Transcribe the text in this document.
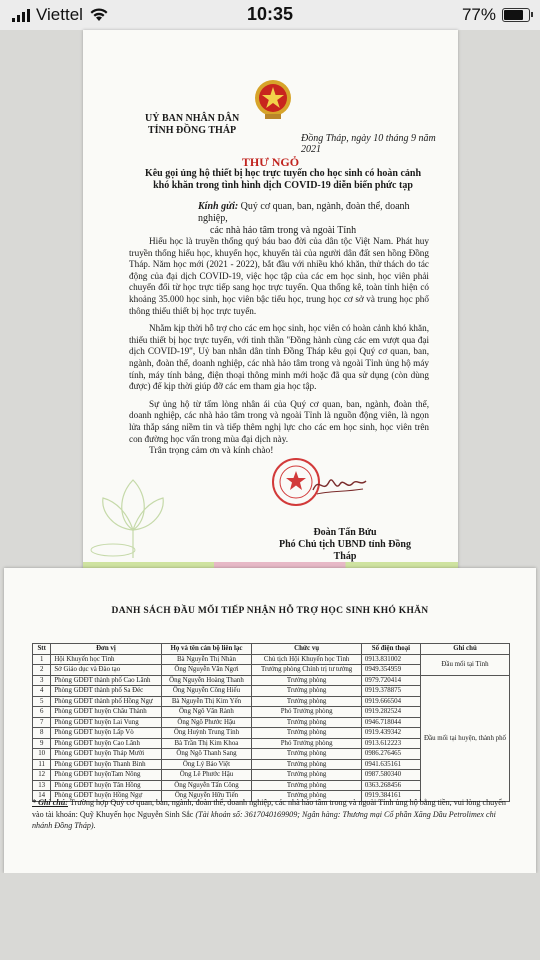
Viettel	10:35	77%
UỶ BAN NHÂN DÂN
TỈNH ĐỒNG THÁP
Đồng Tháp, ngày 10 tháng 9 năm 2021
THƯ NGỎ
Kêu gọi ủng hộ thiết bị học trực tuyến cho học sinh có hoàn cảnh
khó khăn trong tình hình dịch COVID-19 diễn biến phức tạp
Kính gửi: Quý cơ quan, ban, ngành, đoàn thể, doanh nghiệp,
các nhà hảo tâm trong và ngoài Tỉnh

Hiếu học là truyền thống quý báu bao đời của dân tộc Việt Nam. Phát huy truyền thống hiếu học, khuyến học, khuyến tài của người dân đất sen hồng Đồng Tháp. Năm học mới (2021 - 2022), bắt đầu với nhiều khó khăn, thử thách do tác động của đại dịch COVID-19, việc học tập của các em học sinh, học viên phải chuyển đổi từ học trực tiếp sang học trực tuyến. Qua thống kê, toàn tỉnh hiện có khoảng 35.000 học sinh, học viên bậc tiểu học, trung học cơ sở và trung học phổ thông thiếu thiết bị học trực tuyến.

Nhằm kịp thời hỗ trợ cho các em học sinh, học viên có hoàn cảnh khó khăn, thiếu thiết bị học trực tuyến, với tinh thần "Đồng hành cùng các em vượt qua đại dịch COVID-19", Uỷ ban nhân dân tỉnh Đồng Tháp kêu gọi Quý cơ quan, ban, ngành, đoàn thể, doanh nghiệp, các nhà hảo tâm trong và ngoài Tỉnh ủng hộ máy tính, máy tính bảng, điện thoại thông minh mới hoặc đã qua sử dụng (còn dùng được) để kịp thời giúp đỡ các em tham gia học tập.

Sự ủng hộ từ tấm lòng nhân ái của Quý cơ quan, ban, ngành, đoàn thể, doanh nghiệp, các nhà hảo tâm trong và ngoài Tỉnh là nguồn động viên, là ngọn lửa thắp sáng niềm tin và tiếp thêm nghị lực cho các em học sinh, học viên trên con đường học vấn trong mùa đại dịch này.

Trân trọng cảm ơn và kính chào!
Đoàn Tấn Bửu
Phó Chủ tịch UBND tỉnh Đồng Tháp
DANH SÁCH ĐẦU MỐI TIẾP NHẬN HỖ TRỢ HỌC SINH KHÓ KHĂN
Stt	Đơn vị	Họ và tên cán bộ liên lạc	Chức vụ	Số điện thoại	Ghi chú
1	Hội Khuyến học Tỉnh	Bà Nguyễn Thị Nhàn	Chủ tịch Hội Khuyến học Tỉnh	0913.831002	Đầu mối tại Tỉnh
2	Sở Giáo dục và Đào tạo	Ông Nguyễn Văn Ngơi	Trưởng phòng Chính trị tư tưởng	0949.354959	
3	Phòng GDĐT thành phố Cao Lãnh	Ông Nguyễn Hoàng Thanh	Trưởng phòng	0979.720414	Đầu mối tại huyện, thành phố
4	Phòng GDĐT thành phố Sa Đéc	Ông Nguyễn Công Hiếu	Trưởng phòng	0919.378875	
5	Phòng GDĐT thành phố Hồng Ngự	Bà Nguyễn Thị Kim Yến	Trưởng phòng	0919.666504	
6	Phòng GDĐT huyện Châu Thành	Ông Ngô Văn Rành	Phó Trưởng phòng	0919.282524	
7	Phòng GDĐT huyện Lai Vung	Ông Ngô Phước Hậu	Trưởng phòng	0946.718044	
8	Phòng GDĐT huyện Lấp Vò	Ông Huỳnh Trung Tính	Trưởng phòng	0919.439342	
9	Phòng GDĐT huyện Cao Lãnh	Bà Trần Thị Kim Khoa	Phó Trưởng phòng	0913.612223	
10	Phòng GDĐT huyện Tháp Mười	Ông Ngô Thanh Sang	Trưởng phòng	0986.276465	
11	Phòng GDĐT huyện Thanh Bình	Ông Lý Bảo Việt	Trưởng phòng	0941.635161	
12	Phòng GDĐT huyệnTam Nông	Ông Lê Phước Hậu	Trưởng phòng	0987.580340	
13	Phòng GDĐT huyện Tân Hồng	Ông Nguyễn Tấn Công	Trưởng phòng	0363.268456	
14	Phòng GDĐT huyện Hồng Ngự	Ông Nguyễn Hữu Tiến	Trưởng phòng	0919.384161	
* Ghi chú: Trường hợp Quý cơ quan, ban, ngành, đoàn thể, doanh nghiệp, các nhà hảo tâm trong và ngoài Tỉnh ủng hộ bằng tiền, vui lòng chuyển vào tài khoản: Quỹ Khuyến học Nguyễn Sinh Sắc (Tài khoản số: 3617040169909; Ngân hàng: Thương mại Cổ phần Xăng Dầu Petrolimex chi nhánh Đồng Tháp).
